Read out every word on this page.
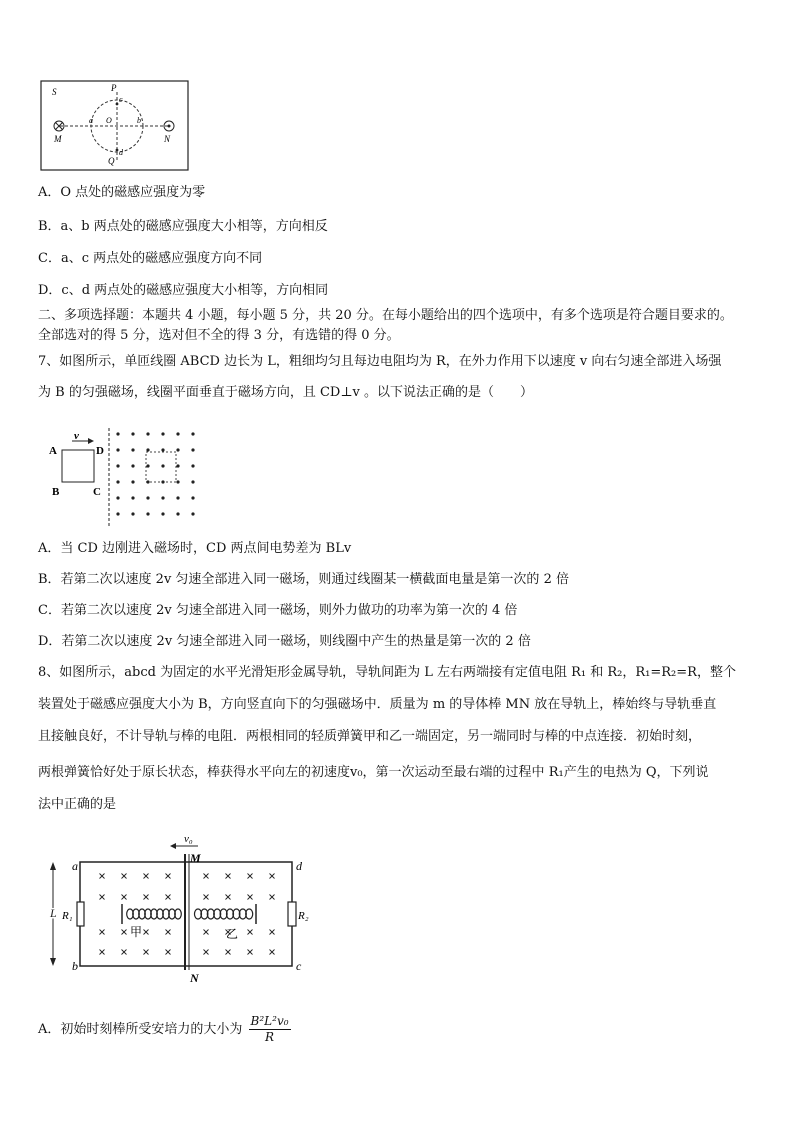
S	P
c
a O	b
M	N
d
Q
A．O 点处的磁感应强度为零
B．a、b 两点处的磁感应强度大小相等，方向相反
C．a、c 两点处的磁感应强度方向不同
D．c、d 两点处的磁感应强度大小相等，方向相同
二、多项选择题：本题共 4 小题，每小题 5 分，共 20 分。在每小题给出的四个选项中，有多个选项是符合题目要求的。
全部选对的得 5 分，选对但不全的得 3 分，有选错的得 0 分。
7、如图所示，单匝线圈 ABCD 边长为 L，粗细均匀且每边电阻均为 R，在外力作用下以速度 v 向右匀速全部进入场强
为 B 的匀强磁场，线圈平面垂直于磁场方向，且 CD⊥v 。以下说法正确的是（　　）
v
A	D
B	C
A．当 CD 边刚进入磁场时，CD 两点间电势差为 BLv
B．若第二次以速度 2v 匀速全部进入同一磁场，则通过线圈某一横截面电量是第一次的 2 倍
C．若第二次以速度 2v 匀速全部进入同一磁场，则外力做功的功率为第一次的 4 倍
D．若第二次以速度 2v 匀速全部进入同一磁场，则线圈中产生的热量是第一次的 2 倍
8、如图所示，abcd 为固定的水平光滑矩形金属导轨，导轨间距为 L 左右两端接有定值电阻 R₁ 和 R₂，R₁=R₂=R，整个
装置处于磁感应强度大小为 B，方向竖直向下的匀强磁场中．质量为 m 的导体棒 MN 放在导轨上，棒始终与导轨垂直
且接触良好，不计导轨与棒的电阻．两根相同的轻质弹簧甲和乙一端固定，另一端同时与棒的中点连接．初始时刻，
两根弹簧恰好处于原长状态，棒获得水平向左的初速度v₀，第一次运动至最右端的过程中 R₁产生的电热为 Q，下列说
法中正确的是
v₀
M
N
a
b	c
d
L R₁	R₂
甲	乙
A．初始时刻棒所受安培力的大小为 $\frac{\text{B²L²v₀}}{R}$
